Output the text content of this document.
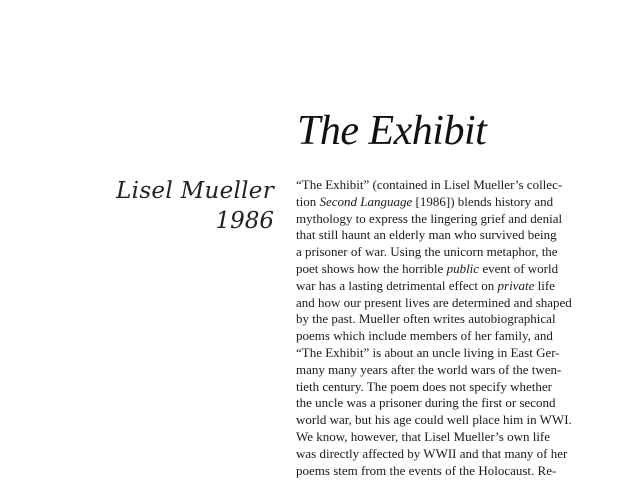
The Exhibit
Lisel Mueller
1986
“The Exhibit” (contained in Lisel Mueller’s collec-
tion Second Language [1986]) blends history and
mythology to express the lingering grief and denial
that still haunt an elderly man who survived being
a prisoner of war. Using the unicorn metaphor, the
poet shows how the horrible public event of world
war has a lasting detrimental effect on private life
and how our present lives are determined and shaped
by the past. Mueller often writes autobiographical
poems which include members of her family, and
“The Exhibit” is about an uncle living in East Ger-
many many years after the world wars of the twen-
tieth century. The poem does not specify whether
the uncle was a prisoner during the first or second
world war, but his age could well place him in WWI.
We know, however, that Lisel Mueller’s own life
was directly affected by WWII and that many of her
poems stem from the events of the Holocaust. Re-
